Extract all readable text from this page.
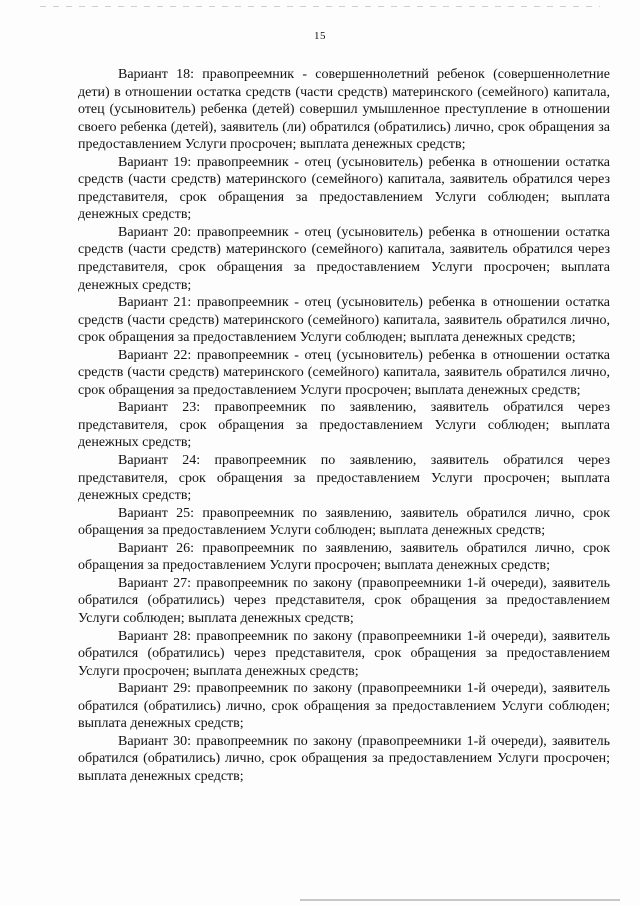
15

Вариант 18: правопреемник - совершеннолетний ребенок (совершеннолетние дети) в отношении остатка средств (части средств) материнского (семейного) капитала, отец (усыновитель) ребенка (детей) совершил умышленное преступление в отношении своего ребенка (детей), заявитель (ли) обратился (обратились) лично, срок обращения за предоставлением Услуги просрочен; выплата денежных средств;

Вариант 19: правопреемник - отец (усыновитель) ребенка в отношении остатка средств (части средств) материнского (семейного) капитала, заявитель обратился через представителя, срок обращения за предоставлением Услуги соблюден; выплата денежных средств;

Вариант 20: правопреемник - отец (усыновитель) ребенка в отношении остатка средств (части средств) материнского (семейного) капитала, заявитель обратился через представителя, срок обращения за предоставлением Услуги просрочен; выплата денежных средств;

Вариант 21: правопреемник - отец (усыновитель) ребенка в отношении остатка средств (части средств) материнского (семейного) капитала, заявитель обратился лично, срок обращения за предоставлением Услуги соблюден; выплата денежных средств;

Вариант 22: правопреемник - отец (усыновитель) ребенка в отношении остатка средств (части средств) материнского (семейного) капитала, заявитель обратился лично, срок обращения за предоставлением Услуги просрочен; выплата денежных средств;

Вариант 23: правопреемник по заявлению, заявитель обратился через представителя, срок обращения за предоставлением Услуги соблюден; выплата денежных средств;

Вариант 24: правопреемник по заявлению, заявитель обратился через представителя, срок обращения за предоставлением Услуги просрочен; выплата денежных средств;

Вариант 25: правопреемник по заявлению, заявитель обратился лично, срок обращения за предоставлением Услуги соблюден; выплата денежных средств;

Вариант 26: правопреемник по заявлению, заявитель обратился лично, срок обращения за предоставлением Услуги просрочен; выплата денежных средств;

Вариант 27: правопреемник по закону (правопреемники 1-й очереди), заявитель обратился (обратились) через представителя, срок обращения за предоставлением Услуги соблюден; выплата денежных средств;

Вариант 28: правопреемник по закону (правопреемники 1-й очереди), заявитель обратился (обратились) через представителя, срок обращения за предоставлением Услуги просрочен; выплата денежных средств;

Вариант 29: правопреемник по закону (правопреемники 1-й очереди), заявитель обратился (обратились) лично, срок обращения за предоставлением Услуги соблюден; выплата денежных средств;

Вариант 30: правопреемник по закону (правопреемники 1-й очереди), заявитель обратился (обратились) лично, срок обращения за предоставлением Услуги просрочен; выплата денежных средств;
